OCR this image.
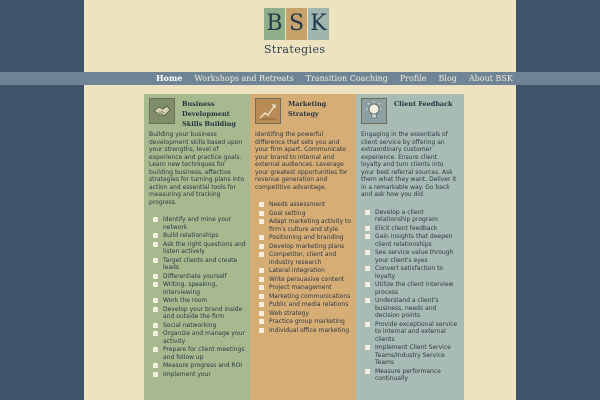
B S K
Strategies
Home	Workshops and Retreats	Transition Coaching	Profile	Blog	About BSK
Business Development Skills Building
Building your business development skills based upon your strengths, level of experience and practice goals. Learn new techniques for building business, effective strategies for turning plans into action and essential tools for measuring and tracking progress.
Identify and mine your network
Build relationships
Ask the right questions and listen actively
Target clients and create leads
Differentiate yourself
Writing, speaking, interviewing
Work the room
Develop your brand inside and outside the firm
Social networking
Organize and manage your activity
Prepare for client meetings and follow up
Measure progress and ROI
Implement your
Marketing Strategy
Identifing the powerful difference that sets you and your firm apart. Communicate your brand to internal and external audiences. Leverage your greatest opportunities for revenue generation and competitive advantage.
Needs assessment
Goal setting
Adapt marketing activity to firm's culture and style
Positioning and branding
Develop marketing plans
Competitor, client and industry research
Lateral integration
Write persuasive content
Project management
Marketing communications
Public and media relations
Web strategy
Practice group marketing
Individual office marketing
Client Feedback
Engaging in the essentials of client service by offering an extraordinary customer experience. Ensure client loyalty and turn clients into your best referral sources. Ask them what they want. Deliver it in a remarkable way. Go back and ask how you did.
Develop a client relationship program
Elicit client feedback
Gain insights that deepen client relationships
See service value through your client's eyes
Convert satisfaction to loyalty
Utilize the client interview process
Understand a client's business, needs and decision points
Provide exceptional service to internal and external clients
Implement Client Service Teams/Industry Service Teams
Measure performance continually
